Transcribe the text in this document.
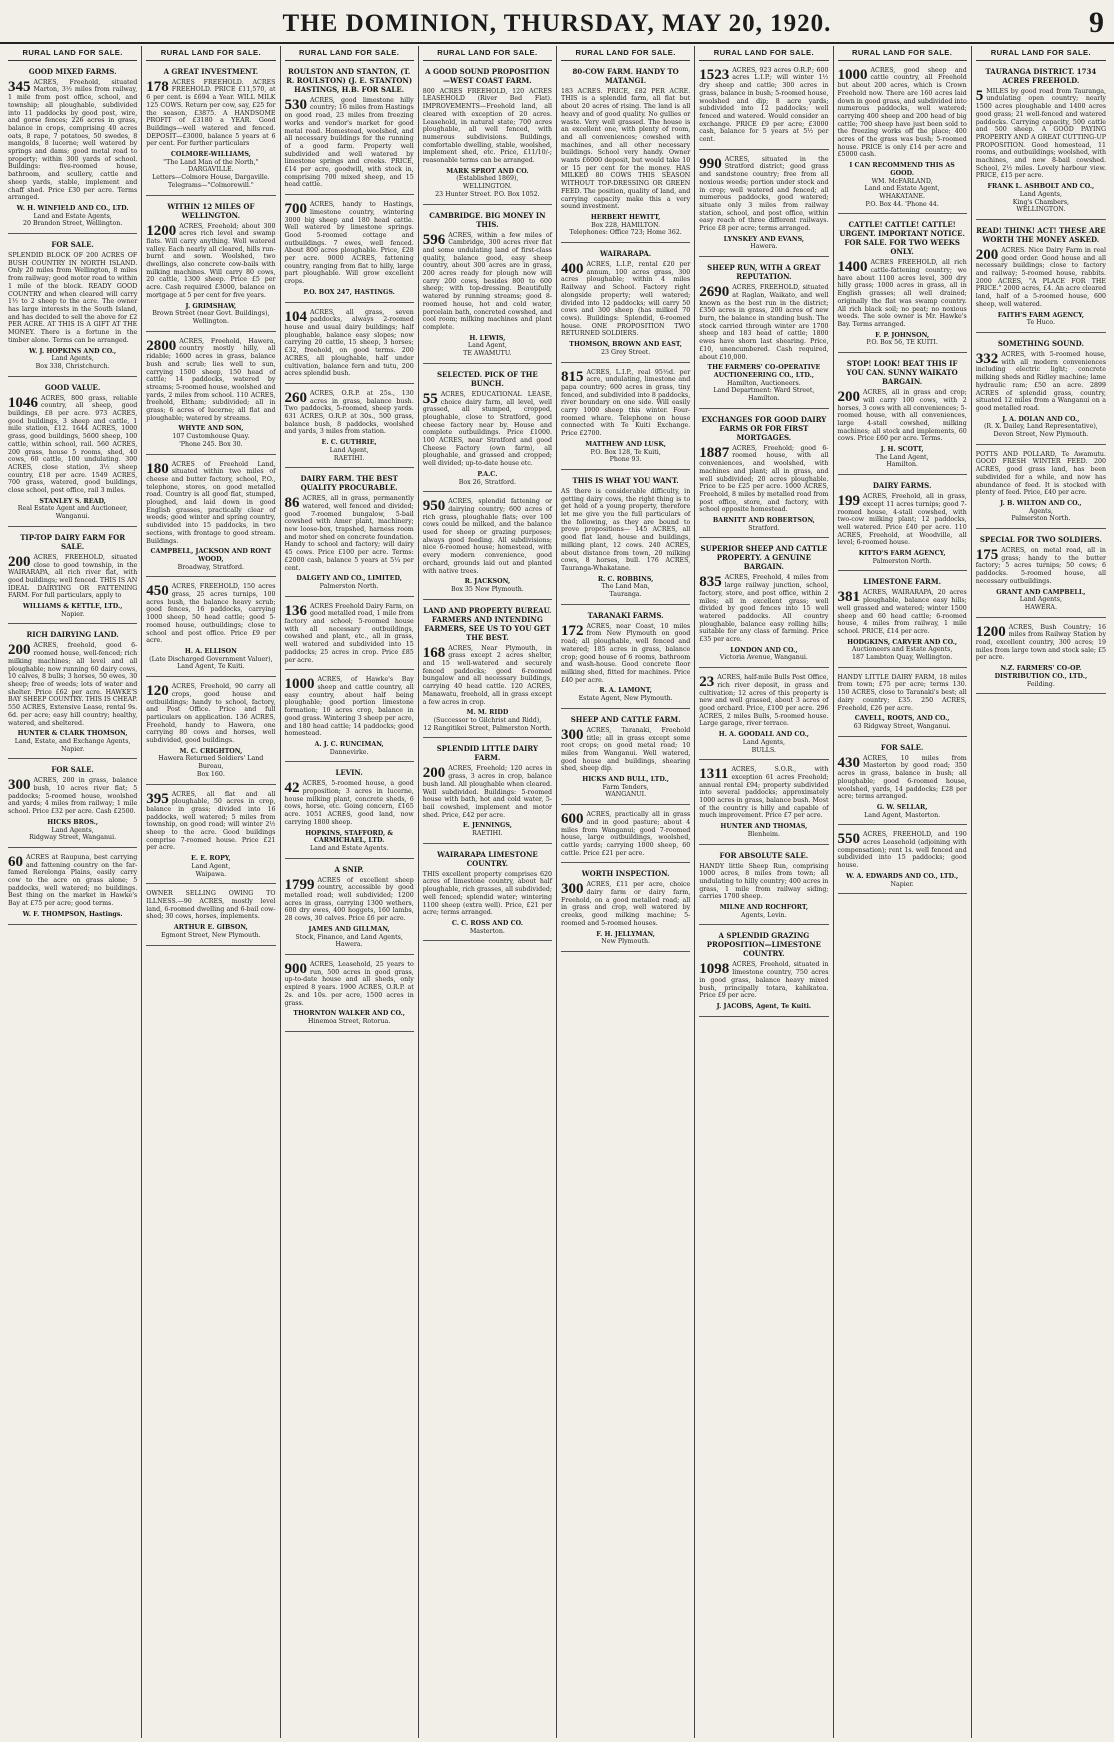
THE DOMINION, THURSDAY, MAY 20, 1920.	9
RURAL LAND FOR SALE.
GOOD MIXED FARMS.
345 ACRES, Freehold, situated Marton, 3½ miles from railway, 1 mile from post office, school, and township; all ploughable, subdivided into 11 paddocks by good post, wire, and gorse fences; 226 acres in grass, balance in crops, comprising 40 acres oats, 8 rape, 7 potatoes, 50 swedes, 8 mangolds, 8 lucerne; well watered by springs and dams; good metal road to property; within 300 yards of school. Buildings: five-roomed house, bathroom, and scullery, cattle and sheep yards, stable, implement and chaff shed. Price £30 per acre. Terms arranged.
W. H. WINFIELD AND CO., LTD.
Land and Estate Agents,
20 Brandon Street, Wellington.

FOR SALE.
SPLENDID BLOCK OF 200 ACRES OF BUSH COUNTRY IN NORTH ISLAND. Only 20 miles from Wellington, 8 miles from railway; good motor road to within 1 mile of the block. READY GOOD COUNTRY and when cleared will carry 1½ to 2 sheep to the acre. The owner has large interests in the South Island, and has decided to sell the above for £2 PER ACRE. AT THIS IS A GIFT AT THE MONEY. There is a fortune in the timber alone. Terms can be arranged.
W. J. HOPKINS AND CO.,
Land Agents,
Box 338, Christchurch.

GOOD VALUE.
1046 ACRES, 800 grass, reliable country, all sheep, good buildings, £8 per acre. 973 ACRES, good buildings, 3 sheep and cattle, 1 mile station, £12. 1644 ACRES, 1000 grass, good buildings, 5600 sheep, 100 cattle, within school, rail. 560 ACRES, 200 grass, house 5 rooms, shed, 40 cows, 60 cattle, 100 undulating. 300 ACRES, close station, 3½ sheep country, £18 per acre. 1549 ACRES, 700 grass, watered, good buildings, close school, post office, rail 3 miles.
STANLEY S. READ,
Real Estate Agent and Auctioneer,
Wanganui.

TIP-TOP DAIRY FARM FOR SALE.
200 ACRES, FREEHOLD, situated close to good township, in the WAIRARAPA, all rich river flat, with good buildings; well fenced. THIS IS AN IDEAL DAIRYING OR FATTENING FARM. For full particulars, apply to
WILLIAMS & KETTLE, LTD.,
Napier.

RICH DAIRYING LAND.
200 ACRES, freehold, good 6-roomed house, well-fenced; rich milking machines; all level and all ploughable; now running 60 dairy cows, 10 calves, 8 bulls; 3 horses, 50 ewes, 30 sheep; free of weeds; lots of water and shelter. Price £62 per acre. HAWKE'S BAY SHEEP COUNTRY. THIS IS CHEAP. 550 ACRES, Extensive Lease, rental 9s. 6d. per acre; easy hill country; healthy, watered, and sheltered.
HUNTER & CLARK THOMSON,
Land, Estate, and Exchange Agents,
Napier.

FOR SALE.
300 ACRES, 200 in grass, balance bush, 10 acres river flat; 5 paddocks; 5-roomed house, woolshed and yards; 4 miles from railway; 1 mile school. Price £32 per acre. Cash £2500.
HICKS BROS.,
Land Agents,
Ridgway Street, Wanganui.

60 ACRES at Raupuna, best carrying and fattening country on the far-famed Rerelonga Plains, easily carry cow to the acre on grass alone; 5 paddocks, well watered; no buildings. Best thing on the market in Hawke's Bay at £75 per acre; good terms.
W. F. THOMPSON, Hastings.
RURAL LAND FOR SALE.
A GREAT INVESTMENT.
178 ACRES FREEHOLD. ACRES FREEHOLD. PRICE £11,570, at 6 per cent. is £694 a Year. WILL MILK 125 COWS. Return per cow, say, £25 for the season, £3875. A HANDSOME PROFIT of £3180 a YEAR. Good Buildings—well watered and fenced. DEPOSIT—£3000, balance 5 years at 6 per cent. For further particulars
COLMORE-WILLIAMS,
"The Land Man of the North,"
DARGAVILLE.
Letters—Colmore House, Dargaville.
Telegrams—"Colmorewill."

WITHIN 12 MILES OF WELLINGTON.
1200 ACRES, Freehold; about 300 acres rich level and swamp flats. Will carry anything. Well watered valley. Each nearly all cleared, hills run-burnt and sown. Woolshed, two dwellings, also concrete cow-bails with milking machines. Will carry 80 cows, 20 cattle, 1300 sheep. Price £5 per acre. Cash required £3000, balance on mortgage at 5 per cent for five years.
J. GRIMSHAW,
Brown Street (near Govt. Buildings),
Wellington.

2800 ACRES, Freehold, Hawera, country mostly hilly, all ridable; 1600 acres in grass, balance bush and scrub; lies well to sun, carrying 1500 sheep, 150 head of cattle; 14 paddocks, watered by streams; 5-roomed house, woolshed and yards, 2 miles from school. 110 ACRES, freehold, Eltham; subdivided; all in grass; 6 acres of lucerne; all flat and ploughable; watered by streams.
WHYTE AND SON,
107 Customhouse Quay.
'Phone 245. Box 30.

180 ACRES of Freehold Land, situated within two miles of cheese and butter factory, school, P.O., telephone, stores, on good metalled road. Country is all good flat, stumped, ploughed, and laid down in good English grasses, practically clear of weeds; good winter and spring country, subdivided into 15 paddocks, in two sections, with frontage to good stream. Buildings.
CAMPBELL, JACKSON AND RONT WOOD,
Broadway, Stratford.

450 ACRES, FREEHOLD, 150 acres grass, 25 acres turnips, 100 acres bush, the balance heavy scrub; good fences, 16 paddocks, carrying 1000 sheep, 50 head cattle; good 5-roomed house, outbuildings; close to school and post office. Price £9 per acre.
H. A. ELLISON
(Late Discharged Government Valuer),
Land Agent, Te Kuiti.

120 ACRES, Freehold, 90 carry all crops, good house and outbuildings; handy to school, factory, and Post Office. Price and full particulars on application. 136 ACRES, Freehold, handy to Hawera, one carrying 80 cows and horses, well subdivided, good buildings.
M. C. CRIGHTON,
Hawera Returned Soldiers' Land Bureau,
Box 160.

395 ACRES, all flat and all ploughable, 50 acres in crop, balance in grass; divided into 16 paddocks, well watered; 5 miles from township, on good road; will winter 2½ sheep to the acre. Good buildings comprise 7-roomed house. Price £21 per acre.
E. E. ROPY,
Land Agent,
Waipawa.

OWNER SELLING OWING TO ILLNESS.—90 ACRES, mostly level land, 6-roomed dwelling and 6-bail cow-shed; 30 cows, horses, implements.
ARTHUR E. GIBSON,
Egmont Street, New Plymouth.

RURAL LAND FOR SALE.
ROULSTON AND STANTON, (T. R. ROULSTON) (J. E. STANTON) HASTINGS, H.B. FOR SALE.
530 ACRES, good limestone hilly country; 16 miles from Hastings on good road, 23 miles from freezing works and vendor's market for good metal road. Homestead, woolshed, and all necessary buildings for the running of a good farm. Property well subdivided and well watered by limestone springs and creeks. PRICE, £14 per acre, goodwill, with stock in, comprising 700 mixed sheep, and 15 head cattle.
700 ACRES, handy to Hastings, limestone country, wintering 3000 big sheep and 180 head cattle. Well watered by limestone springs. Good 5-roomed cottage and outbuildings. 7 ewes, well fenced. About 800 acres ploughable. Price, £28 per acre. 9000 ACRES, fattening country, ranging from flat to hilly, large part ploughable. Will grow excellent crops.
P.O. BOX 247, HASTINGS.
104 ACRES, all grass, seven paddocks, always 2-roomed house and usual dairy buildings; half ploughable, balance easy slopes; now carrying 20 cattle, 15 sheep, 3 horses; £32, freehold, on good terms. 200 ACRES, all ploughable, half under cultivation, balance fern and tutu, 200 acres splendid bush.
260 ACRES, O.R.P. at 25s., 130 acres in grass, balance bush. Two paddocks, 5-roomed, sheep yards. 631 ACRES, O.R.P. at 30s., 500 grass, balance bush, 8 paddocks, woolshed and yards, 3 miles from station.
E. C. GUTHRIE,
Land Agent,
RAETIHI.

DAIRY FARM. THE BEST QUALITY PROCURABLE.
86 ACRES, all in grass, permanently watered, well fenced and divided; good 7-roomed bungalow, 5-bail cowshed with Amer plant, machinery; new loose-box, trapshed, harness room and motor shed on concrete foundation. Handy to school and factory; will dairy 45 cows. Price £100 per acre. Terms: £2000 cash, balance 5 years at 5¼ per cent.
DALGETY AND CO., LIMITED,
Palmerston North.

136 ACRES Freehold Dairy Farm, on good metalled road, 1 mile from factory and school; 5-roomed house with all necessary outbuildings, cowshed and plant, etc., all in grass, well watered and subdivided into 15 paddocks; 25 acres in crop. Price £85 per acre.
1000 ACRES, of Hawke's Bay sheep and cattle country, all easy country, about half being ploughable; good portion limestone formation; 10 acres crop, balance in good grass. Wintering 3 sheep per acre, and 180 head cattle; 14 paddocks; good homestead.
A. J. C. RUNCIMAN,
Dannevirke.

LEVIN.
42 ACRES, 5-roomed house, a good proposition; 3 acres in lucerne, house milking plant, concrete sheds, 6 cows, horse, etc. Going concern, £165 acre. 1051 ACRES, good land, now carrying 1800 sheep.
HOPKINS, STAFFORD, & CARMICHAEL, LTD.
Land and Estate Agents.

A SNIP.
1799 ACRES of excellent sheep country, accessible by good metalled road; well subdivided; 1200 acres in grass, carrying 1300 wethers, 600 dry ewes, 400 hoggets, 160 lambs, 28 cows, 30 calves. Price £6 per acre.
JAMES AND GILLMAN,
Stock, Finance, and Land Agents,
Hawera.

900 ACRES, Leasehold, 25 years to run, 500 acres in good grass, up-to-date house and all sheds, only expired 8 years. 1900 ACRES, O.R.P. at 2s. and 10s. per acre, 1500 acres in grass.
THORNTON WALKER AND CO.,
Hinemoa Street, Rotorua.

RURAL LAND FOR SALE.
A GOOD SOUND PROPOSITION—WEST COAST FARM.
800 ACRES FREEHOLD, 120 ACRES LEASEHOLD (River Bed Flat). IMPROVEMENTS—Freehold land, all cleared with exception of 20 acres. Leasehold, in natural state; 700 acres ploughable, all well fenced, with numerous subdivisions. Buildings, comfortable dwelling, stable, woolshed, implement shed, etc. Price, £11/10/-; reasonable terms can be arranged.
MARK SPROT AND CO.
(Established 1869),
WELLINGTON.
23 Hunter Street. P.O. Box 1052.

CAMBRIDGE. BIG MONEY IN THIS.
596 ACRES, within a few miles of Cambridge, 300 acres river flat and some undulating land of first-class quality, balance good, easy sheep country, about 300 acres are in grass, 200 acres ready for plough now will carry 200 cows, besides 800 to 600 sheep; with top-dressing. Beautifully watered by running streams; good 8-roomed house, hot and cold water, porcelain bath, concreted cowshed, and cool room; milking machines and plant complete.
H. LEWIS,
Land Agent,
TE AWAMUTU.

SELECTED. PICK OF THE BUNCH.
55 ACRES, EDUCATIONAL LEASE, choice dairy farm, all level, well grassed, all stumped, cropped, ploughable, close to Stratford, good cheese factory near by. House and complete outbuildings. Price £1000. 100 ACRES, near Stratford and good Cheese Factory (own farm), all ploughable, and grassed and cropped; well divided; up-to-date house etc.
P.A.C.
Box 26, Stratford.

950 ACRES, splendid fattening or dairying country; 600 acres of rich grass, ploughable flats; over 100 cows could be milked, and the balance used for sheep or grazing purposes; always good feeding. All subdivisions; nice 6-roomed house; homestead, with every modern convenience, good orchard, grounds laid out and planted with native trees.
R. JACKSON,
Box 35 New Plymouth.

LAND AND PROPERTY BUREAU. FARMERS AND INTENDING FARMERS, SEE US TO YOU GET THE BEST.
168 ACRES, Near Plymouth, in grass except 2 acres shelter, and 15 well-watered and securely fenced paddocks; good 6-roomed bungalow and all necessary buildings, carrying 40 head cattle. 120 ACRES, Manawatu, freehold, all in grass except a few acres in crop.
M. M. RIDD
(Successor to Gilchrist and Ridd),
12 Rangitikei Street, Palmerston North.

SPLENDID LITTLE DAIRY FARM.
200 ACRES, Freehold; 120 acres in grass, 3 acres in crop, balance bush land. All ploughable when cleared. Well subdivided. Buildings: 5-roomed house with bath, hot and cold water, 5-bail cowshed, implement and motor shed. Price, £42 per acre.
E. JENNINGS,
RAETIHI.

WAIRARAPA LIMESTONE COUNTRY.
THIS excellent property comprises 620 acres of limestone country, about half ploughable, rich grasses, all subdivided; well fenced; splendid water; wintering 1100 sheep (extra well). Price, £21 per acre; terms arranged.
C. C. ROSS AND CO.
Masterton.

RURAL LAND FOR SALE.
80-COW FARM. HANDY TO MATANGI.
183 ACRES. PRICE, £82 PER ACRE. THIS is a splendid farm, all flat but about 20 acres of rising. The land is all heavy and of good quality. No gullies or waste. Very well grassed. The house is an excellent one, with plenty of room, and all conveniences; cowshed with machines, and all other necessary buildings. School very handy. Owner wants £6000 deposit, but would take 10 or 15 per cent for the money. HAS MILKED 80 COWS THIS SEASON WITHOUT TOP-DRESSING OR GREEN FEED. The position, quality of land, and carrying capacity make this a very sound investment.
HERBERT HEWITT,
Box 228, HAMILTON.
Telephones: Office 723; Home 362.

WAIRARAPA.
400 ACRES, L.I.P., rental £20 per annum, 100 acres grass, 300 acres ploughable; within 4 miles Railway and School. Factory right alongside property; well watered; divided into 12 paddocks; will carry 50 cows and 300 sheep (has milked 70 cows). Buildings: Splendid, 6-roomed house. ONE PROPOSITION TWO RETURNED SOLDIERS.
THOMSON, BROWN AND EAST,
23 Grey Street.

815 ACRES, L.I.P., real 95½d. per acre, undulating, limestone and papa country; 600 acres in grass, tiny fenced, and subdivided into 8 paddocks, river boundary on one side. Will easily carry 1000 sheep this winter. Four-roomed whare. Telephone on house connected with Te Kuiti Exchange. Price £2700.
MATTHEW AND LUSK,
P.O. Box 128, Te Kuiti,
Phone 93.

THIS IS WHAT YOU WANT.
AS there is considerable difficulty, in getting dairy cows, the right thing is to get hold of a young property, therefore let me give you the full particulars of the following, as they are bound to prove propositions— 145 ACRES, all good flat land, house and buildings, milking plant, 12 cows. 240 ACRES, about distance from town, 20 milking cows, 8 horses, bull. 176 ACRES, Tauranga-Whakatane.
R. C. ROBBINS,
The Land Man,
Tauranga.

TARANAKI FARMS.
172 ACRES, near Coast, 10 miles from New Plymouth on good road; all ploughable, well fenced and watered; 185 acres in grass, balance crop; good house of 6 rooms, bathroom and wash-house. Good concrete floor milking shed, fitted for machines. Price £40 per acre.
R. A. LAMONT,
Estate Agent, New Plymouth.

SHEEP AND CATTLE FARM.
300 ACRES, Taranaki, Freehold title; all in grass except some root crops; on good metal road; 10 miles from Wanganui. Well watered, good house and buildings, shearing shed, sheep dip.
HICKS AND BULL, LTD.,
Farm Tenders,
WANGANUI.

600 ACRES, practically all in grass and in good pasture; about 4 miles from Wanganui; good 7-roomed house, large outbuildings, woolshed, cattle yards; carrying 1000 sheep, 60 cattle. Price £21 per acre.
WORTH INSPECTION.
300 ACRES, £11 per acre, choice dairy farm or dairy farm, Freehold, on a good metalled road; all in grass and crop, well watered by creeks, good milking machine; 5-roomed and 5-roomed houses.
F. H. JELLYMAN,
New Plymouth.

RURAL LAND FOR SALE.
1523 ACRES, 923 acres O.R.P.; 600 acres L.I.P.; will winter 1½ dry sheep and cattle; 300 acres in grass, balance in bush; 5-roomed house, woolshed and dip; 8 acre yards; subdivided into 12 paddocks; well fenced and watered. Would consider an exchange. PRICE £9 per acre; £3000 cash, balance for 5 years at 5½ per cent.
990 ACRES, situated in the Stratford district; good grass and sandstone country; free from all noxious weeds; portion under stock and in crop; well watered and fenced; all numerous paddocks, good watered; situate only 3 miles from railway station, school, and post office, within easy reach of three different railways. Price £8 per acre; terms arranged.
LYNSKEY AND EVANS,
Hawera.

SHEEP RUN, WITH A GREAT REPUTATION.
2690 ACRES, FREEHOLD, situated at Raglan, Waikato, and well known as the best run in the district; £350 acres in grass, 200 acres of new burn, the balance in standing bush. The stock carried through winter are 1700 sheep and 183 head of cattle; 1800 ewes have shorn last shearing. Price, £10, unencumbered. Cash required, about £10,000.
THE FARMERS' CO-OPERATIVE AUCTIONEERING CO., LTD.,
Hamilton, Auctioneers.
Land Department: Ward Street, Hamilton.

EXCHANGES FOR GOOD DAIRY FARMS OR FOR FIRST MORTGAGES.
1887 ACRES, Freehold; good 6-roomed house, with all conveniences, and woolshed, with machines and plant; all in grass, and well subdivided; 20 acres ploughable. Price to be £25 per acre. 1000 ACRES, Freehold, 8 miles by metalled road from post office, store, and factory, with school opposite homestead.
BARNITT AND ROBERTSON,
Stratford.

SUPERIOR SHEEP AND CATTLE PROPERTY. A GENUINE BARGAIN.
835 ACRES, Freehold, 4 miles from large railway junction, school, factory, store, and post office, within 2 miles; all in excellent grass; well divided by good fences into 15 well watered paddocks. All country ploughable, balance easy rolling hills; suitable for any class of farming. Price £35 per acre.
LONDON AND CO.,
Victoria Avenue, Wanganui.

23 ACRES, half-mile Bulls Post Office, rich river deposit, in grass and cultivation; 12 acres of this property is new and well grassed, about 3 acres of good orchard. Price, £100 per acre. 296 ACRES, 2 miles Bulls, 5-roomed house. Large garage, river terrace.
H. A. GOODALL AND CO.,
Land Agents,
BULLS.

1311 ACRES, S.O.R., with exception 61 acres Freehold; annual rental £94; property subdivided into several paddocks; approximately 1000 acres in grass, balance bush. Most of the country is hilly and capable of much improvement. Price £7 per acre.
HUNTER AND THOMAS,
Blenheim.

FOR ABSOLUTE SALE.
HANDY little Sheep Run, comprising 1000 acres, 8 miles from town; all undulating to hilly country; 400 acres in grass, 1 mile from railway siding; carries 1700 sheep.
MILNE AND ROCHFORT,
Agents, Levin.

A SPLENDID GRAZING PROPOSITION—LIMESTONE COUNTRY.
1098 ACRES, Freehold, situated in limestone country, 750 acres in good grass, balance heavy mixed bush, principally totara, kahikatea. Price £9 per acre.
J. JACOBS, Agent, Te Kuiti.
RURAL LAND FOR SALE.
1000 ACRES, good sheep and cattle country, all Freehold but about 200 acres, which is Crown Freehold now. There are 160 acres laid down in good grass, and subdivided into numerous paddocks, well watered; carrying 400 sheep and 200 head of big cattle; 700 sheep have just been sold to the freezing works off the place; 400 acres of the grass was bush; 5-roomed house. PRICE is only £14 per acre and £5000 cash.
I CAN RECOMMEND THIS AS GOOD.
WM. McFARLAND,
Land and Estate Agent,
WHAKATANE.
P.O. Box 44. 'Phone 44.

CATTLE! CATTLE! CATTLE! URGENT. IMPORTANT NOTICE. FOR SALE. FOR TWO WEEKS ONLY.
1400 ACRES FREEHOLD, all rich cattle-fattening country; we have about 1100 acres level, 300 dry hilly grass; 1000 acres in grass, all in English grasses; all well drained; originally the flat was swamp country. All rich black soil; no peat; no noxious weeds. The sole owner is Mr. Hawke's Bay. Terms arranged.
F. P. JOHNSON,
P.O. Box 56, TE KUITI.

STOP! LOOK! BEAT THIS IF YOU CAN. SUNNY WAIKATO BARGAIN.
200 ACRES, all in grass and crop; will carry 100 cows, with 2 horses, 3 cows with all conveniences; 5-roomed house, with all conveniences, large 4-stall cowshed, milking machines; all stock and implements, 60 cows. Price £60 per acre. Terms.
J. H. SCOTT,
The Land Agent,
Hamilton.

DAIRY FARMS.
199 ACRES, Freehold, all in grass, except 11 acres turnips; good 7-roomed house, 4-stall cowshed, with two-cow milking plant; 12 paddocks, well watered. Price £40 per acre. 110 ACRES, Freehold, at Woodville, all level; 6-roomed house.
KITTO'S FARM AGENCY,
Palmerston North.

LIMESTONE FARM.
381 ACRES, WAIRARAPA, 20 acres ploughable, balance easy hills; well grassed and watered; winter 1500 sheep and 60 head cattle; 6-roomed house, 4 miles from railway, 1 mile school. PRICE, £14 per acre.
HODGKINS, CARVER AND CO.,
Auctioneers and Estate Agents,
187 Lambton Quay, Wellington.

HANDY LITTLE DAIRY FARM, 18 miles from town; £75 per acre; terms 130. 150 ACRES, close to Taranaki's best; all dairy country; £35. 250 ACRES, Freehold, £26 per acre.
CAVELL, ROOTS, AND CO.,
63 Ridgway Street, Wanganui.

FOR SALE.
430 ACRES, 10 miles from Masterton by good road; 350 acres in grass, balance in bush; all ploughable; good 6-roomed house, woolshed, yards, 14 paddocks; £28 per acre; terms arranged.
G. W. SELLAR,
Land Agent, Masterton.

550 ACRES, FREEHOLD, and 190 acres Leasehold (adjoining with compensation); rent 1s. well fenced and subdivided into 15 paddocks; good house.
W. A. EDWARDS AND CO., LTD.,
Napier.

RURAL LAND FOR SALE.
TAURANGA DISTRICT. 1734 ACRES FREEHOLD.
5 MILES by good road from Tauranga, undulating open country; nearly 1500 acres ploughable and 1400 acres good grass; 21 well-fenced and watered paddocks. Carrying capacity, 500 cattle and 500 sheep. A GOOD PAYING PROPERTY AND A GREAT CUTTING-UP PROPOSITION. Good homestead, 11 rooms, and outbuildings; woolshed, with machines, and new 8-bail cowshed. School, 2½ miles. Lovely harbour view. PRICE, £15 per acre.
FRANK L. ASHBOLT AND CO.,
Land Agents,
King's Chambers,
WELLINGTON.

READ! THINK! ACT! THESE ARE WORTH THE MONEY ASKED.
200 ACRES. Nice Dairy Farm in real good order. Good house and all necessary buildings; close to factory and railway; 5-roomed house, rabbits. 2000 ACRES, "A PLACE FOR THE PRICE." 2000 acres, £4. An acre cleared land, half of a 5-roomed house, 600 sheep, well watered.
FAITH'S FARM AGENCY,
Te Huco.

SOMETHING SOUND.
332 ACRES, with 5-roomed house, with all modern conveniences including electric light; concrete milking sheds and Ridley machine; lame hydraulic ram; £50 an acre. 2899 ACRES of splendid grass, country, situated 12 miles from a Wanganui on a good metalled road.
J. A. DOLAN AND CO.,
(R. X. Dailey, Land Representative),
Devon Street, New Plymouth.

POTTS AND POLLARD, Te Awamutu. GOOD FRESH WINTER FEED. 200 ACRES, good grass land, has been subdivided for a while, and now has abundance of feed. It is stocked with plenty of feed. Price, £40 per acre.
J. B. WILTON AND CO.,
Agents,
Palmerston North.

SPECIAL FOR TWO SOLDIERS.
175 ACRES, on metal road, all in grass; handy to the butter factory; 5 acres turnips; 50 cows; 6 paddocks. 5-roomed house, all necessary outbuildings.
GRANT AND CAMPBELL,
Land Agents,
HAWERA.

1200 ACRES, Bush Country; 16 miles from Railway Station by road, excellent country, 300 acres; 19 miles from large town and stock sale; £5 per acre.
N.Z. FARMERS' CO-OP. DISTRIBUTION CO., LTD.,
Feilding.
